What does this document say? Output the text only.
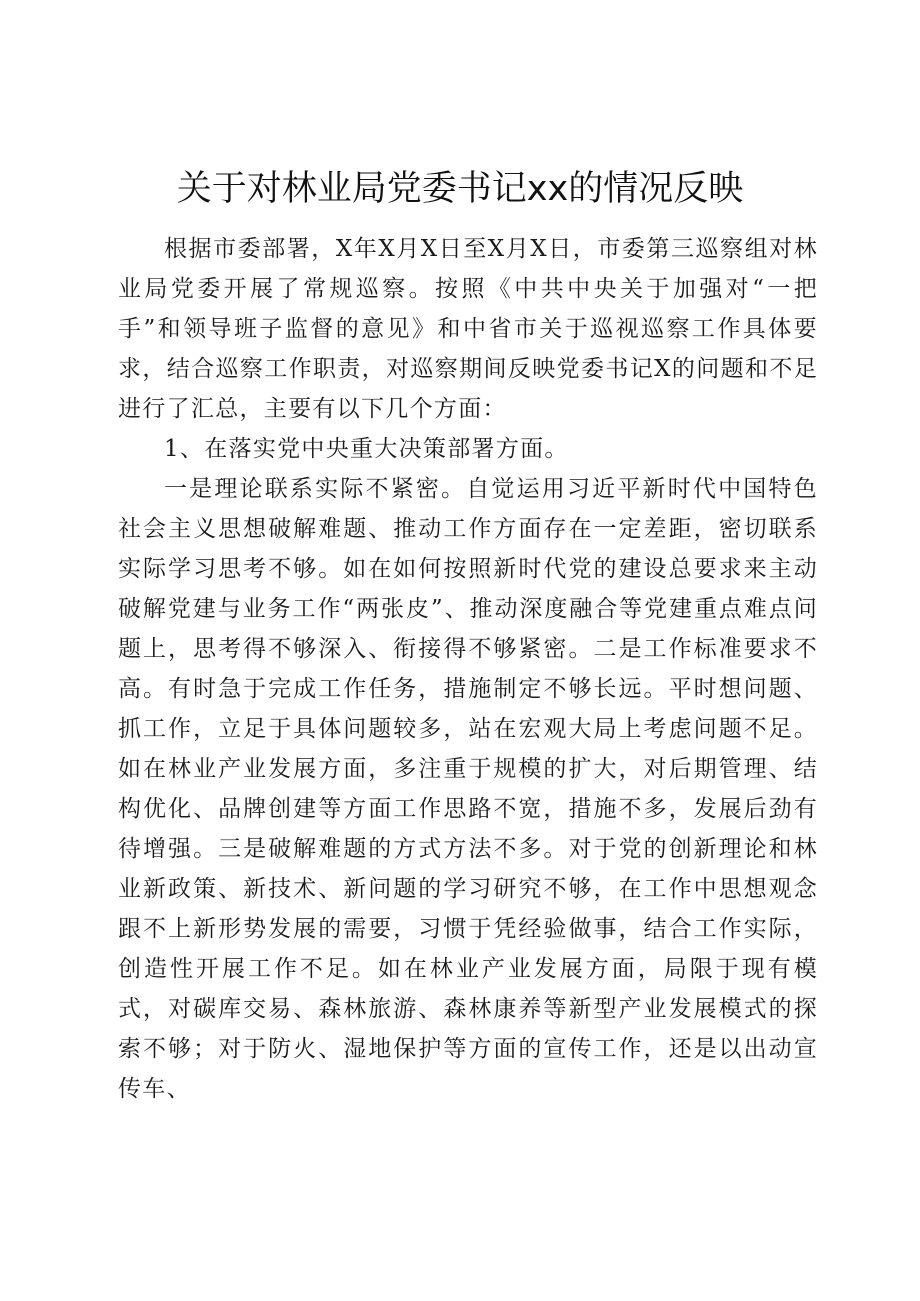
关于对林业局党委书记xx的情况反映

根据市委部署，X年X月X日至X月X日，市委第三巡察组对林业局党委开展了常规巡察。按照《中共中央关于加强对“一把手”和领导班子监督的意见》和中省市关于巡视巡察工作具体要求，结合巡察工作职责，对巡察期间反映党委书记X的问题和不足进行了汇总，主要有以下几个方面：

1、在落实党中央重大决策部署方面。

一是理论联系实际不紧密。自觉运用习近平新时代中国特色社会主义思想破解难题、推动工作方面存在一定差距，密切联系实际学习思考不够。如在如何按照新时代党的建设总要求来主动破解党建与业务工作“两张皮”、推动深度融合等党建重点难点问题上，思考得不够深入、衔接得不够紧密。二是工作标准要求不高。有时急于完成工作任务，措施制定不够长远。平时想问题、抓工作，立足于具体问题较多，站在宏观大局上考虑问题不足。如在林业产业发展方面，多注重于规模的扩大，对后期管理、结构优化、品牌创建等方面工作思路不宽，措施不多，发展后劲有待增强。三是破解难题的方式方法不多。对于党的创新理论和林业新政策、新技术、新问题的学习研究不够，在工作中思想观念跟不上新形势发展的需要，习惯于凭经验做事，结合工作实际，创造性开展工作不足。如在林业产业发展方面，局限于现有模式，对碳库交易、森林旅游、森林康养等新型产业发展模式的探索不够；对于防火、湿地保护等方面的宣传工作，还是以出动宣传车、
